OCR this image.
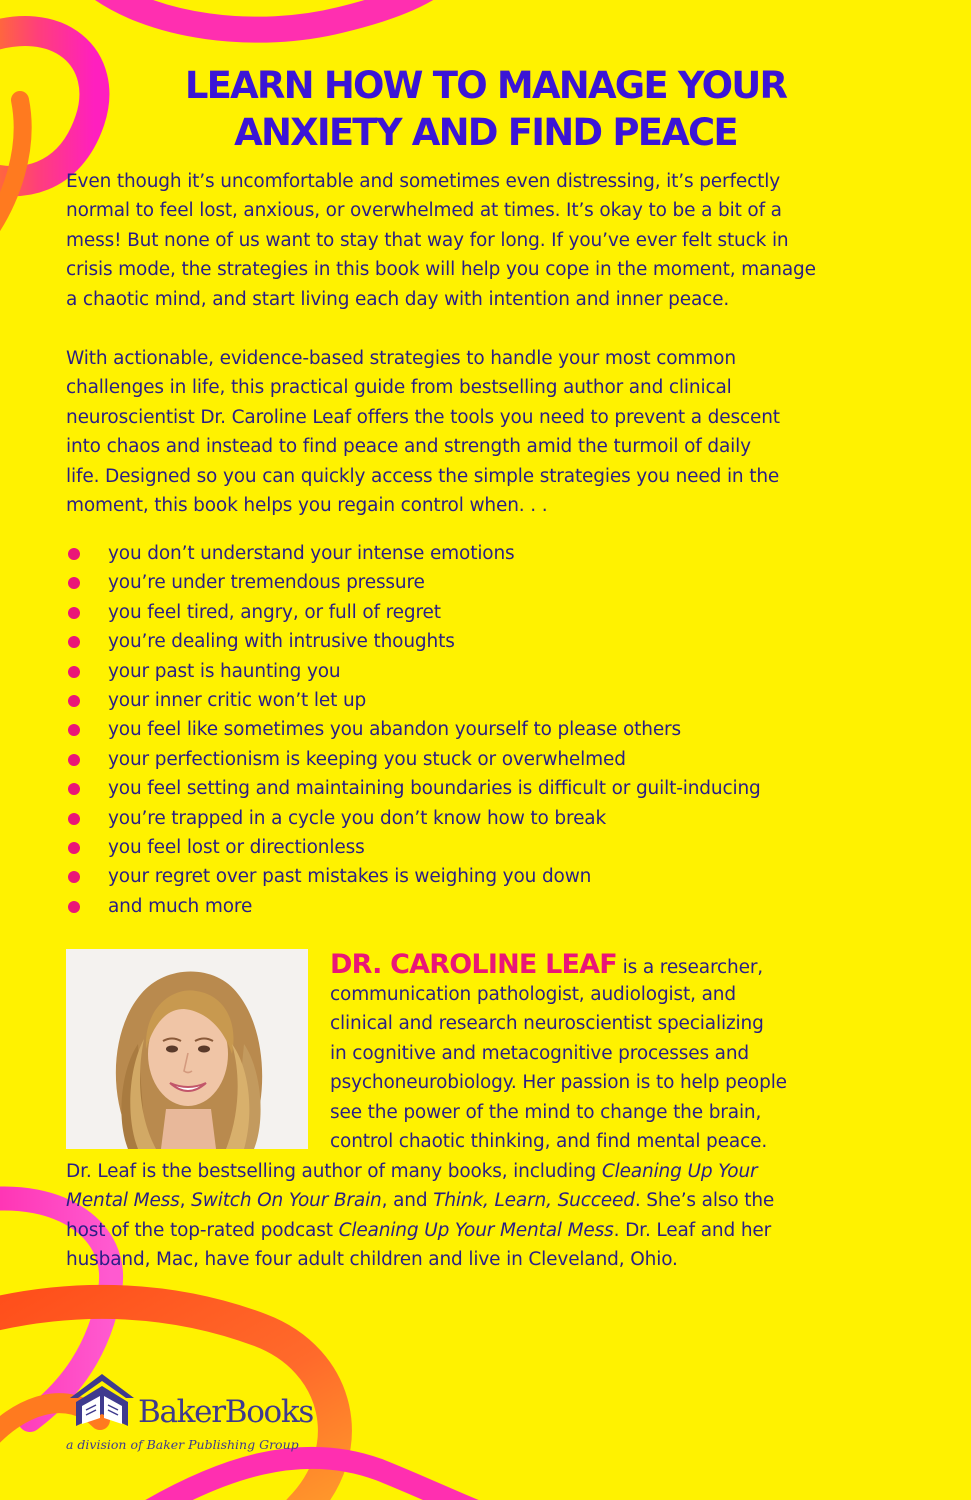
LEARN HOW TO MANAGE YOUR
ANXIETY AND FIND PEACE

Even though it’s uncomfortable and sometimes even distressing, it’s perfectly
normal to feel lost, anxious, or overwhelmed at times. It’s okay to be a bit of a
mess! But none of us want to stay that way for long. If you’ve ever felt stuck in
crisis mode, the strategies in this book will help you cope in the moment, manage
a chaotic mind, and start living each day with intention and inner peace.

With actionable, evidence-based strategies to handle your most common
challenges in life, this practical guide from bestselling author and clinical
neuroscientist Dr. Caroline Leaf offers the tools you need to prevent a descent
into chaos and instead to find peace and strength amid the turmoil of daily
life. Designed so you can quickly access the simple strategies you need in the
moment, this book helps you regain control when. . .

you don’t understand your intense emotions
you’re under tremendous pressure
you feel tired, angry, or full of regret
you’re dealing with intrusive thoughts
your past is haunting you
your inner critic won’t let up
you feel like sometimes you abandon yourself to please others
your perfectionism is keeping you stuck or overwhelmed
you feel setting and maintaining boundaries is difficult or guilt-inducing
you’re trapped in a cycle you don’t know how to break
you feel lost or directionless
your regret over past mistakes is weighing you down
and much more
DR. CAROLINE LEAF is a researcher,
communication pathologist, audiologist, and
clinical and research neuroscientist specializing
in cognitive and metacognitive processes and
psychoneurobiology. Her passion is to help people
see the power of the mind to change the brain,
control chaotic thinking, and find mental peace.
Dr. Leaf is the bestselling author of many books, including Cleaning Up Your
Mental Mess, Switch On Your Brain, and Think, Learn, Succeed. She’s also the
host of the top-rated podcast Cleaning Up Your Mental Mess. Dr. Leaf and her
husband, Mac, have four adult children and live in Cleveland, Ohio.
BakerBooks
a division of Baker Publishing Group
